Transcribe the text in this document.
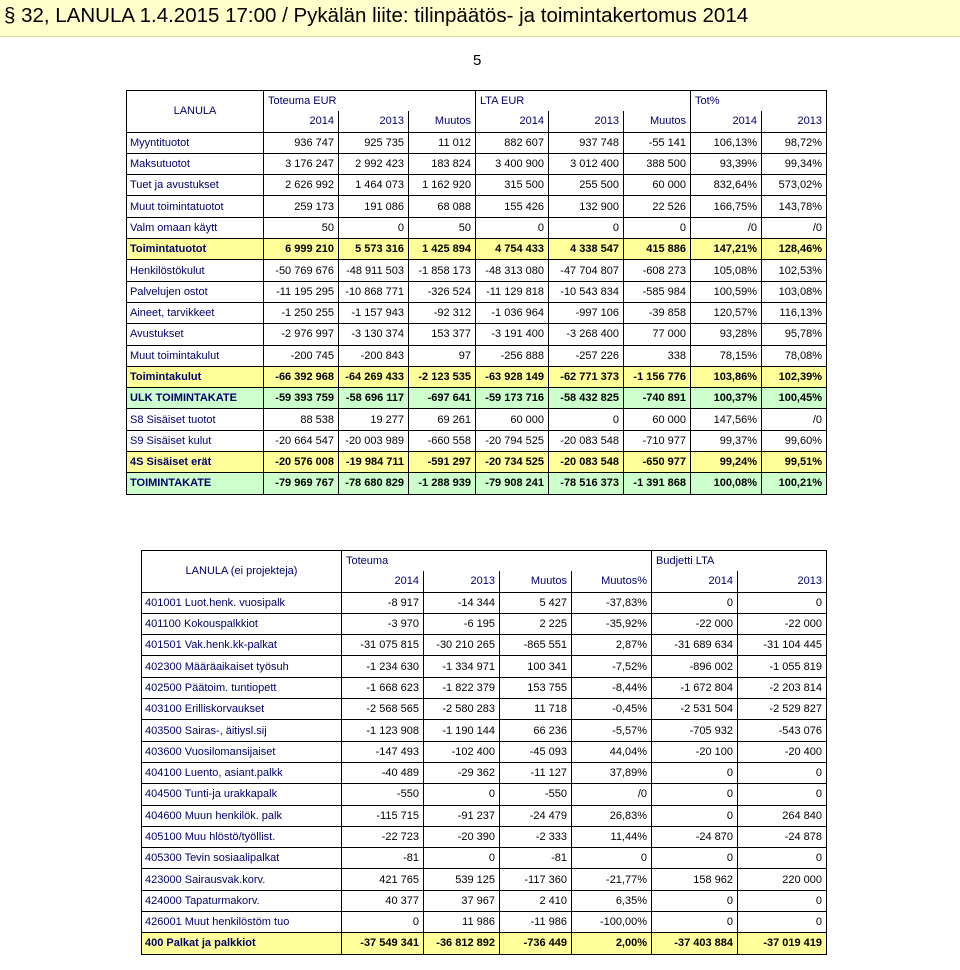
§ 32, LANULA 1.4.2015 17:00 / Pykälän liite: tilinpäätös- ja toimintakertomus 2014
5
LANULA	Toteuma EUR			LTA EUR			Tot%	
	2014	2013	Muutos	2014	2013	Muutos	2014	2013
Myyntituotot	936 747	925 735	11 012	882 607	937 748	-55 141	106,13%	98,72%
Maksutuotot	3 176 247	2 992 423	183 824	3 400 900	3 012 400	388 500	93,39%	99,34%
Tuet ja avustukset	2 626 992	1 464 073	1 162 920	315 500	255 500	60 000	832,64%	573,02%
Muut toimintatuotot	259 173	191 086	68 088	155 426	132 900	22 526	166,75%	143,78%
Valm omaan käytt	50	0	50	0	0	0	/0	/0
Toimintatuotot	6 999 210	5 573 316	1 425 894	4 754 433	4 338 547	415 886	147,21%	128,46%
Henkilöstökulut	-50 769 676	-48 911 503	-1 858 173	-48 313 080	-47 704 807	-608 273	105,08%	102,53%
Palvelujen ostot	-11 195 295	-10 868 771	-326 524	-11 129 818	-10 543 834	-585 984	100,59%	103,08%
Aineet, tarvikkeet	-1 250 255	-1 157 943	-92 312	-1 036 964	-997 106	-39 858	120,57%	116,13%
Avustukset	-2 976 997	-3 130 374	153 377	-3 191 400	-3 268 400	77 000	93,28%	95,78%
Muut toimintakulut	-200 745	-200 843	97	-256 888	-257 226	338	78,15%	78,08%
Toimintakulut	-66 392 968	-64 269 433	-2 123 535	-63 928 149	-62 771 373	-1 156 776	103,86%	102,39%
ULK TOIMINTAKATE	-59 393 759	-58 696 117	-697 641	-59 173 716	-58 432 825	-740 891	100,37%	100,45%
S8 Sisäiset tuotot	88 538	19 277	69 261	60 000	0	60 000	147,56%	/0
S9 Sisäiset kulut	-20 664 547	-20 003 989	-660 558	-20 794 525	-20 083 548	-710 977	99,37%	99,60%
4S Sisäiset erät	-20 576 008	-19 984 711	-591 297	-20 734 525	-20 083 548	-650 977	99,24%	99,51%
TOIMINTAKATE	-79 969 767	-78 680 829	-1 288 939	-79 908 241	-78 516 373	-1 391 868	100,08%	100,21%
LANULA (ei projekteja)	Toteuma				Budjetti LTA	
	2014	2013	Muutos	Muutos%	2014	2013
401001 Luot.henk. vuosipalk	-8 917	-14 344	5 427	-37,83%	0	0
401100 Kokouspalkkiot	-3 970	-6 195	2 225	-35,92%	-22 000	-22 000
401501 Vak.henk.kk-palkat	-31 075 815	-30 210 265	-865 551	2,87%	-31 689 634	-31 104 445
402300 Määräaikaiset työsuh	-1 234 630	-1 334 971	100 341	-7,52%	-896 002	-1 055 819
402500 Päätoim. tuntiopett	-1 668 623	-1 822 379	153 755	-8,44%	-1 672 804	-2 203 814
403100 Erilliskorvaukset	-2 568 565	-2 580 283	11 718	-0,45%	-2 531 504	-2 529 827
403500 Sairas-, äitiysl.sij	-1 123 908	-1 190 144	66 236	-5,57%	-705 932	-543 076
403600 Vuosilomansijaiset	-147 493	-102 400	-45 093	44,04%	-20 100	-20 400
404100 Luento, asiant.palkk	-40 489	-29 362	-11 127	37,89%	0	0
404500 Tunti-ja urakkapalk	-550	0	-550	/0	0	0
404600 Muun henkilök. palk	-115 715	-91 237	-24 479	26,83%	0	264 840
405100 Muu hlöstö/työllist.	-22 723	-20 390	-2 333	11,44%	-24 870	-24 878
405300 Tevin sosiaalipalkat	-81	0	-81	0	0	0
423000 Sairausvak.korv.	421 765	539 125	-117 360	-21,77%	158 962	220 000
424000 Tapaturmakorv.	40 377	37 967	2 410	6,35%	0	0
426001 Muut henkilöstöm tuo	0	11 986	-11 986	-100,00%	0	0
400 Palkat ja palkkiot	-37 549 341	-36 812 892	-736 449	2,00%	-37 403 884	-37 019 419
